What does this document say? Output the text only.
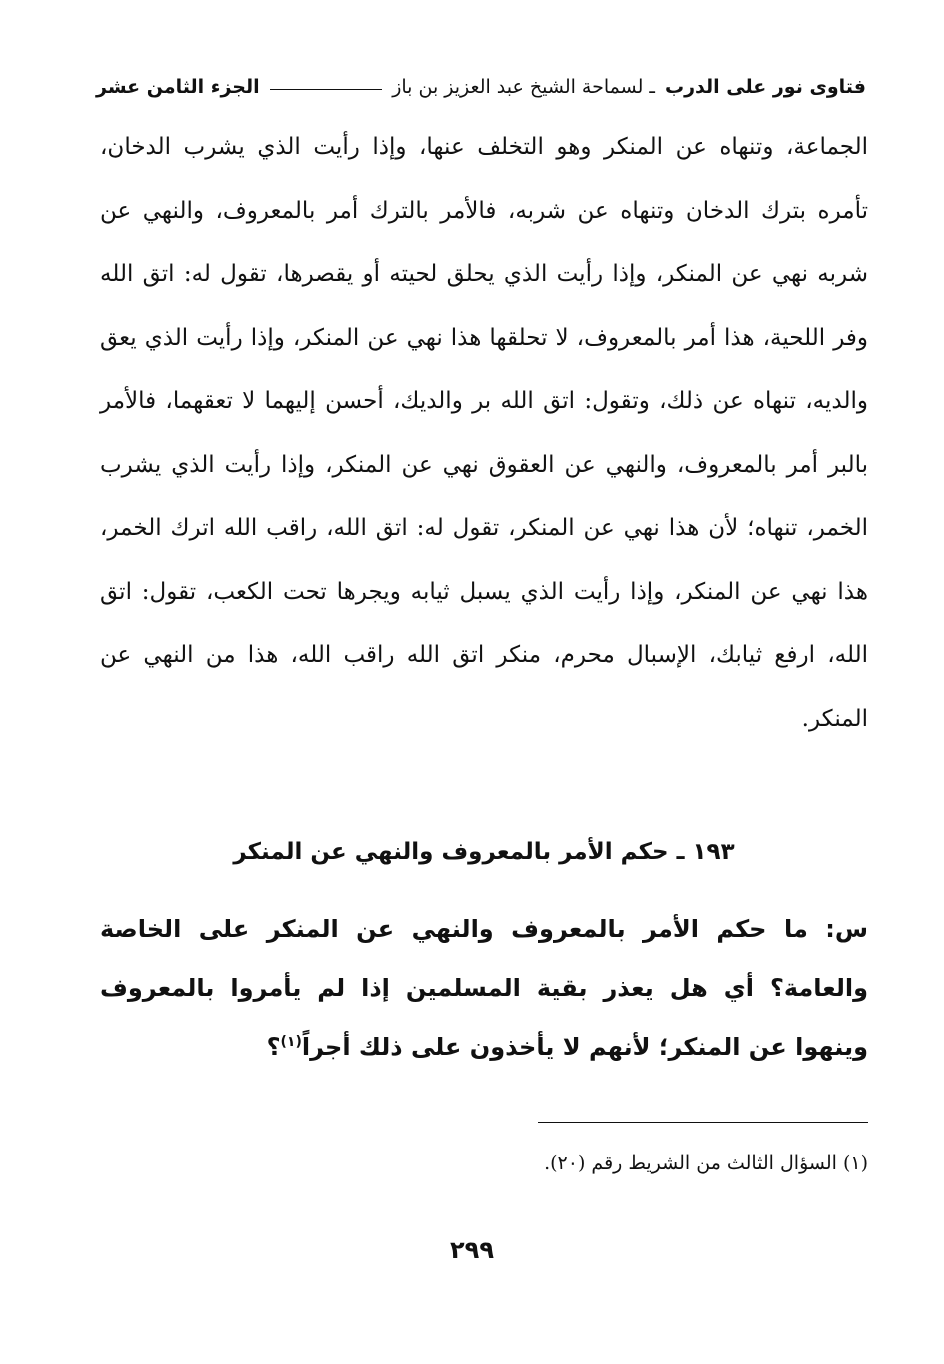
فتاوى نور على الدرب
ـ لسماحة الشيخ عبد العزيز بن باز
الجزء الثامن عشر
الجماعة، وتنهاه عن المنكر وهو التخلف عنها، وإذا رأيت الذي يشرب الدخان، تأمره بترك الدخان وتنهاه عن شربه، فالأمر بالترك أمر بالمعروف، والنهي عن شربه نهي عن المنكر، وإذا رأيت الذي يحلق لحيته أو يقصرها، تقول له: اتق الله وفر اللحية، هذا أمر بالمعروف، لا تحلقها هذا نهي عن المنكر، وإذا رأيت الذي يعق والديه، تنهاه عن ذلك، وتقول: اتق الله بر والديك، أحسن إليهما لا تعقهما، فالأمر بالبر أمر بالمعروف، والنهي عن العقوق نهي عن المنكر، وإذا رأيت الذي يشرب الخمر، تنهاه؛ لأن هذا نهي عن المنكر، تقول له: اتق الله، راقب الله اترك الخمر، هذا نهي عن المنكر، وإذا رأيت الذي يسبل ثيابه ويجرها تحت الكعب، تقول: اتق الله، ارفع ثيابك، الإسبال محرم، منكر اتق الله راقب الله، هذا من النهي عن المنكر.
١٩٣ ـ حكم الأمر بالمعروف والنهي عن المنكر
س: ما حكم الأمر بالمعروف والنهي عن المنكر على الخاصة والعامة؟ أي هل يعذر بقية المسلمين إذا لم يأمروا بالمعروف وينهوا عن المنكر؛ لأنهم لا يأخذون على ذلك أجراً$^{(١)}$؟
(١) السؤال الثالث من الشريط رقم (٢٠).
٢٩٩
